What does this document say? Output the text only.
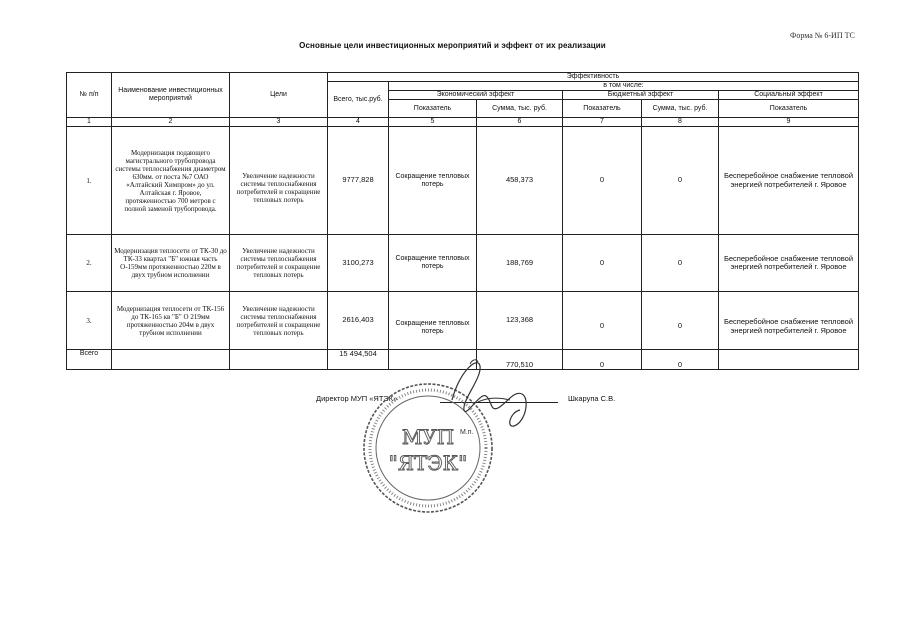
Форма № 6-ИП ТС
Основные цели инвестиционных мероприятий и эффект от их реализации
№ п/п	Наименование инвестиционных мероприятий	Цели	Эффективность					
			Всего, тыс.руб.	в том числе:				
				Экономический эффект		Бюджетный эффект		Социальный эффект
				Показатель	Сумма, тыс. руб.	Показатель	Сумма, тыс. руб.	Показатель
1	2	3	4	5	6	7	8	9
1.	Модернизация подающего магистрального трубопровода системы теплоснабжения диаметром 630мм. от поста №7 ОАО «Алтайский Химпром» до ул. Алтайская г. Яровое, протяженностью 700 метров с полной заменой трубопровода.	Увеличение надежности системы теплоснабжения потребителей и сокращение тепловых потерь	9777,828	Сокращение тепловых потерь	458,373	0	0	Бесперебойное снабжение тепловой энергией потребителей г. Яровое
2.	Модернизация теплосети от ТК-30 до ТК-33 квартал "Б" южная часть О-159мм протяженностью 220м в двух трубном исполнении	Увеличение надежности системы теплоснабжения потребителей и сокращение тепловых потерь	3100,273	Сокращение тепловых потерь	188,769	0	0	Бесперебойное снабжение тепловой энергией потребителей г. Яровое
3.	Модернизация теплосети от ТК-156 до ТК-165 кв "Б" О 219мм протяженностью 204м в двух трубном исполнении	Увеличение надежности системы теплоснабжения потребителей и сокращение тепловых потерь	2616,403	Сокращение тепловых потерь	123,368	0	0	Бесперебойное снабжение тепловой энергией потребителей г. Яровое
Всего			15 494,504		770,510	0	0	
Директор МУП «ЯТЭК»	Шкарупа С.В.
МУП
"ЯТЭК"
М.п.
